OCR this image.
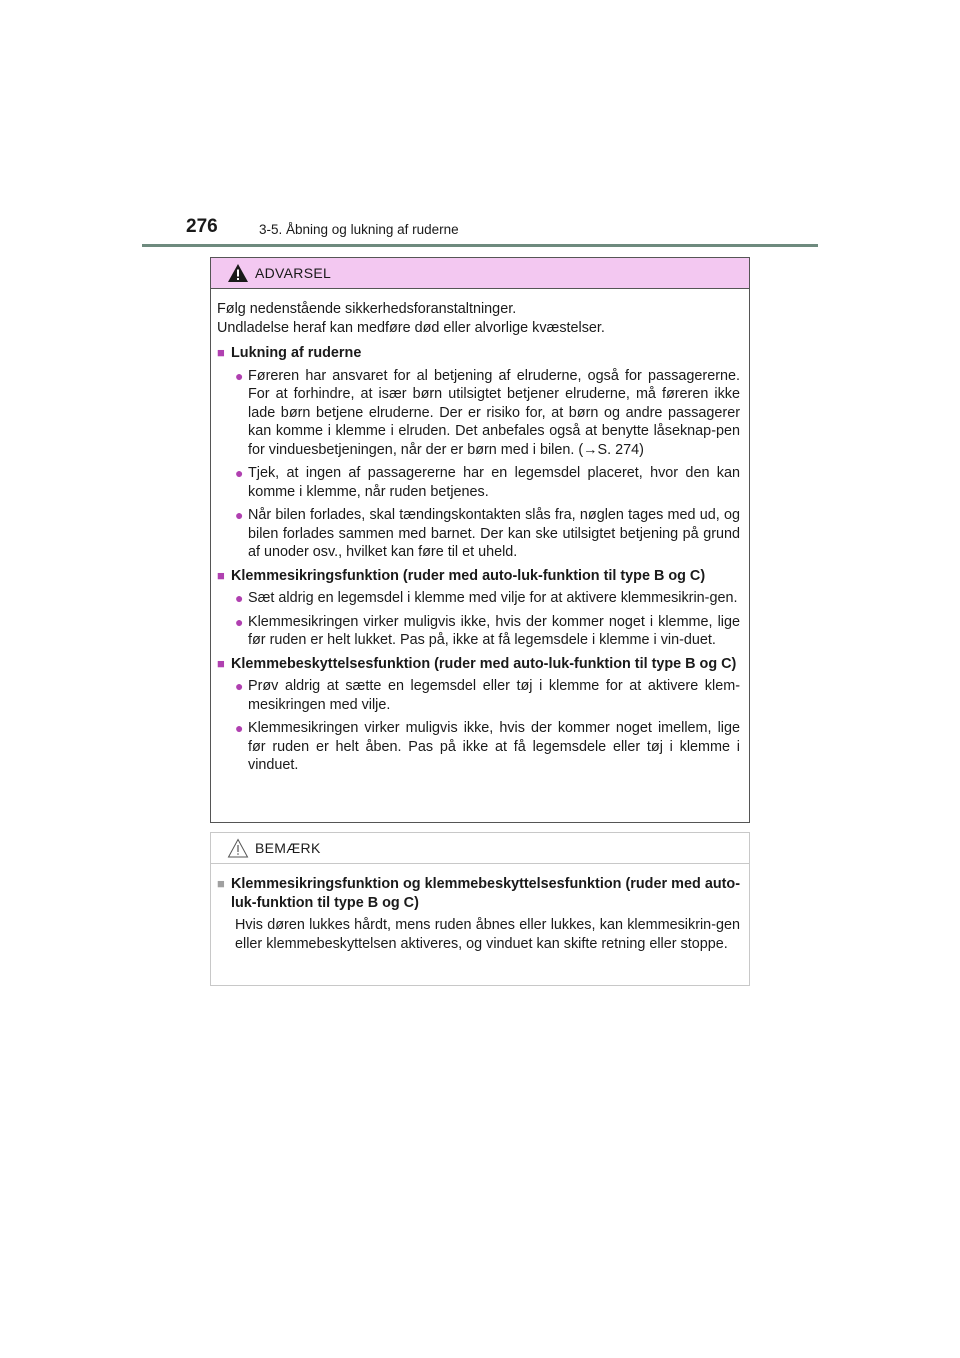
276	3-5. Åbning og lukning af ruderne
ADVARSEL
Følg nedenstående sikkerhedsforanstaltninger.
Undladelse heraf kan medføre død eller alvorlige kvæstelser.
■ Lukning af ruderne
● Føreren har ansvaret for al betjening af elruderne, også for passagererne. For at forhindre, at især børn utilsigtet betjener elruderne, må føreren ikke lade børn betjene elruderne. Der er risiko for, at børn og andre passagerer kan komme i klemme i elruden. Det anbefales også at benytte låseknap-pen for vinduesbetjeningen, når der er børn med i bilen. (→S. 274)
● Tjek, at ingen af passagererne har en legemsdel placeret, hvor den kan komme i klemme, når ruden betjenes.
● Når bilen forlades, skal tændingskontakten slås fra, nøglen tages med ud, og bilen forlades sammen med barnet. Der kan ske utilsigtet betjening på grund af unoder osv., hvilket kan føre til et uheld.
■ Klemmesikringsfunktion (ruder med auto-luk-funktion til type B og C)
● Sæt aldrig en legemsdel i klemme med vilje for at aktivere klemmesikrin-gen.
● Klemmesikringen virker muligvis ikke, hvis der kommer noget i klemme, lige før ruden er helt lukket. Pas på, ikke at få legemsdele i klemme i vin-duet.
■ Klemmebeskyttelsesfunktion (ruder med auto-luk-funktion til type B og C)
● Prøv aldrig at sætte en legemsdel eller tøj i klemme for at aktivere klem-mesikringen med vilje.
● Klemmesikringen virker muligvis ikke, hvis der kommer noget imellem, lige før ruden er helt åben. Pas på ikke at få legemsdele eller tøj i klemme i vinduet.
BEMÆRK
■ Klemmesikringsfunktion og klemmebeskyttelsesfunktion (ruder med auto-luk-funktion til type B og C)
Hvis døren lukkes hårdt, mens ruden åbnes eller lukkes, kan klemmesikrin-gen eller klemmebeskyttelsen aktiveres, og vinduet kan skifte retning eller stoppe.
